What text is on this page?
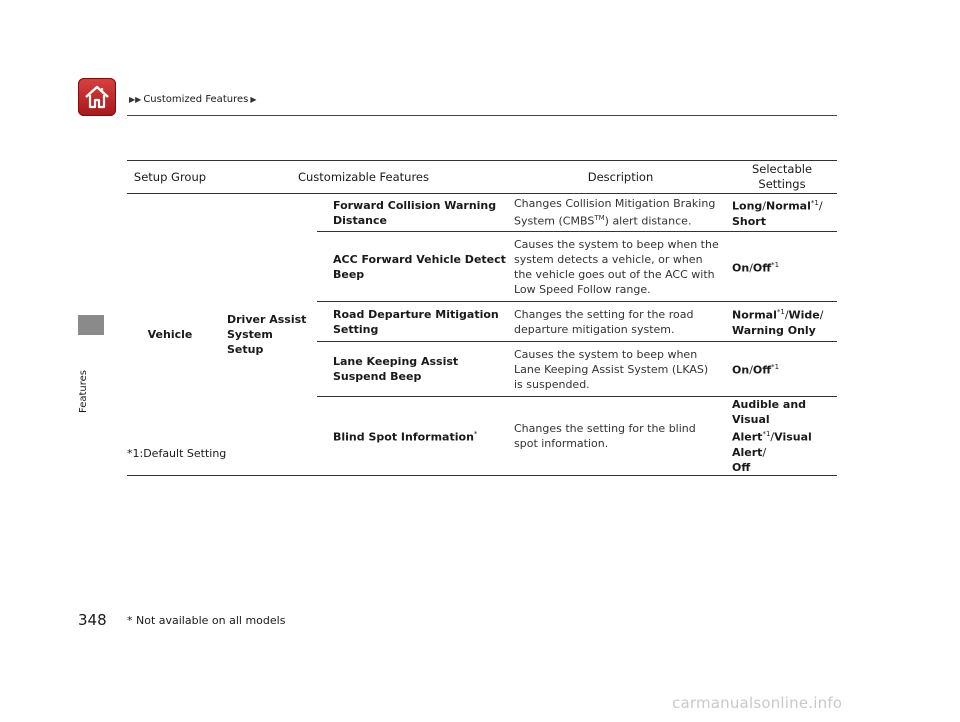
▶▶ Customized Features ▶
Features
Setup Group	Customizable Features		Description	Selectable Settings
Vehicle	Driver Assist System Setup	Forward Collision Warning Distance	Changes Collision Mitigation Braking System (CMBS™) alert distance.	Long/Normal$^{*1}$/
Short
		ACC Forward Vehicle Detect Beep	Causes the system to beep when the system detects a vehicle, or when the vehicle goes out of the ACC with Low Speed Follow range.	On/Off$^{*1}$
		Road Departure Mitigation Setting	Changes the setting for the road departure mitigation system.	Normal$^{*1}$/Wide/
Warning Only
		Lane Keeping Assist Suspend Beep	Causes the system to beep when Lane Keeping Assist System (LKAS) is suspended.	On/Off$^{*1}$
		Blind Spot Information*	Changes the setting for the blind spot information.	Audible and Visual Alert$^{*1}$/Visual Alert/
Off
*1:Default Setting
348 * Not available on all models
carmanualsonline.info
